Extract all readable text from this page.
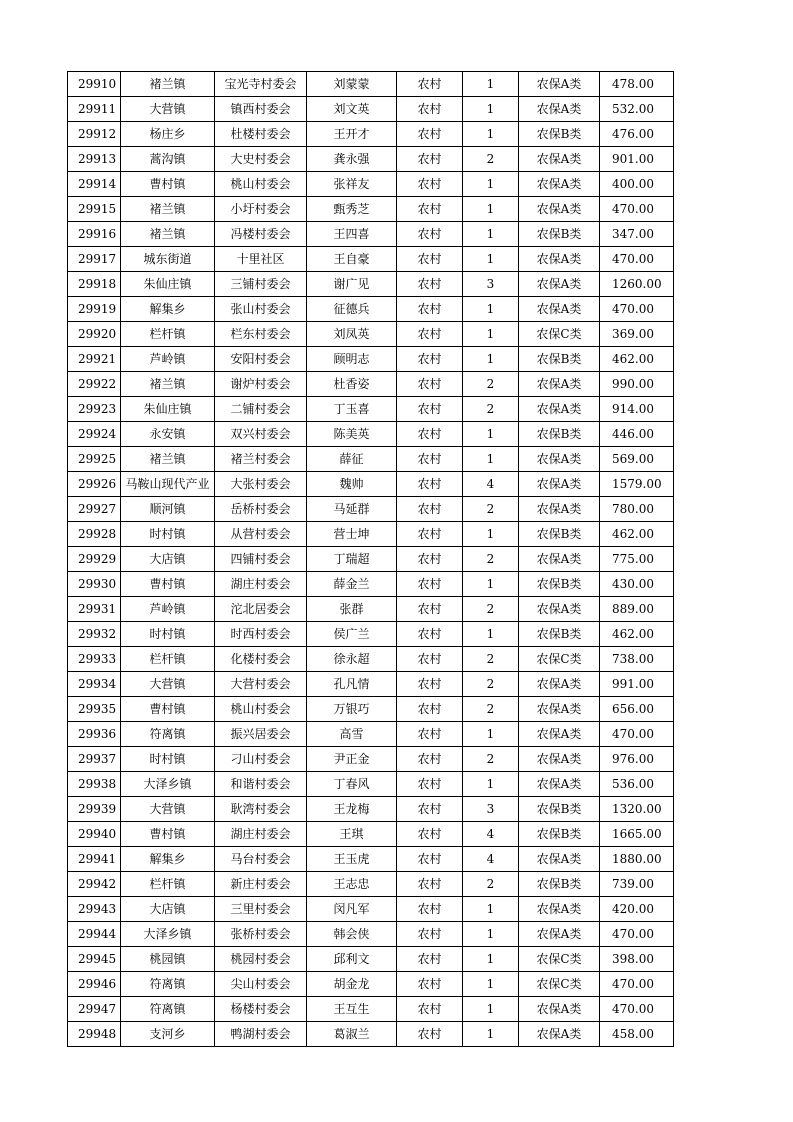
29910	褚兰镇	宝光寺村委会	刘蒙蒙	农村	1	农保A类	478.00
29911	大营镇	镇西村委会	刘文英	农村	1	农保A类	532.00
29912	杨庄乡	杜楼村委会	王开才	农村	1	农保B类	476.00
29913	蒿沟镇	大史村委会	龚永强	农村	2	农保A类	901.00
29914	曹村镇	桃山村委会	张祥友	农村	1	农保A类	400.00
29915	褚兰镇	小圩村委会	甄秀芝	农村	1	农保A类	470.00
29916	褚兰镇	冯楼村委会	王四喜	农村	1	农保B类	347.00
29917	城东街道	十里社区	王自豪	农村	1	农保A类	470.00
29918	朱仙庄镇	三铺村委会	谢广见	农村	3	农保A类	1260.00
29919	解集乡	张山村委会	征德兵	农村	1	农保A类	470.00
29920	栏杆镇	栏东村委会	刘凤英	农村	1	农保C类	369.00
29921	芦岭镇	安阳村委会	顾明志	农村	1	农保B类	462.00
29922	褚兰镇	谢炉村委会	杜香姿	农村	2	农保A类	990.00
29923	朱仙庄镇	二铺村委会	丁玉喜	农村	2	农保A类	914.00
29924	永安镇	双兴村委会	陈美英	农村	1	农保B类	446.00
29925	褚兰镇	褚兰村委会	薛征	农村	1	农保A类	569.00
29926	马鞍山现代产业	大张村委会	魏帅	农村	4	农保A类	1579.00
29927	顺河镇	岳桥村委会	马延群	农村	2	农保A类	780.00
29928	时村镇	从营村委会	营士坤	农村	1	农保B类	462.00
29929	大店镇	四铺村委会	丁瑞超	农村	2	农保A类	775.00
29930	曹村镇	湖庄村委会	薛金兰	农村	1	农保B类	430.00
29931	芦岭镇	沱北居委会	张群	农村	2	农保A类	889.00
29932	时村镇	时西村委会	侯广兰	农村	1	农保B类	462.00
29933	栏杆镇	化楼村委会	徐永超	农村	2	农保C类	738.00
29934	大营镇	大营村委会	孔凡情	农村	2	农保A类	991.00
29935	曹村镇	桃山村委会	万银巧	农村	2	农保A类	656.00
29936	符离镇	振兴居委会	高雪	农村	1	农保A类	470.00
29937	时村镇	刁山村委会	尹正金	农村	2	农保A类	976.00
29938	大泽乡镇	和谐村委会	丁春风	农村	1	农保A类	536.00
29939	大营镇	耿湾村委会	王龙梅	农村	3	农保B类	1320.00
29940	曹村镇	湖庄村委会	王琪	农村	4	农保B类	1665.00
29941	解集乡	马台村委会	王玉虎	农村	4	农保A类	1880.00
29942	栏杆镇	新庄村委会	王志忠	农村	2	农保B类	739.00
29943	大店镇	三里村委会	闵凡军	农村	1	农保A类	420.00
29944	大泽乡镇	张桥村委会	韩会侠	农村	1	农保A类	470.00
29945	桃园镇	桃园村委会	邱利文	农村	1	农保C类	398.00
29946	符离镇	尖山村委会	胡金龙	农村	1	农保C类	470.00
29947	符离镇	杨楼村委会	王互生	农村	1	农保A类	470.00
29948	支河乡	鸭湖村委会	葛淑兰	农村	1	农保A类	458.00
